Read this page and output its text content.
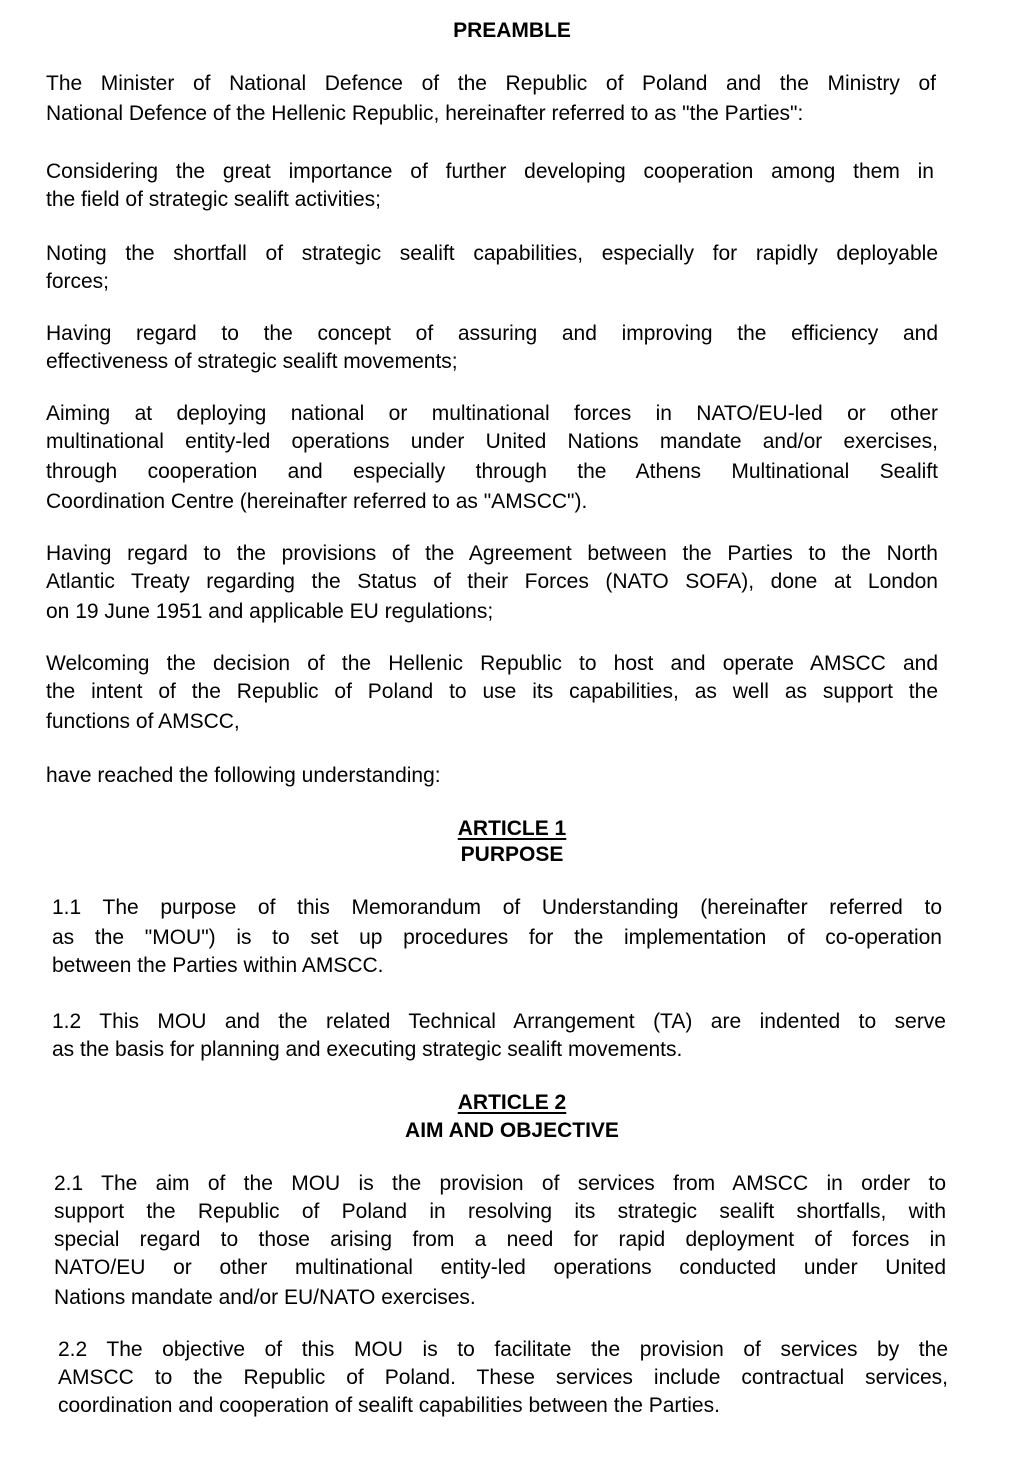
PREAMBLE
The Minister of National Defence of the Republic of Poland and the Ministry of
National Defence of the Hellenic Republic, hereinafter referred to as "the Parties":
Considering the great importance of further developing cooperation among them in
the field of strategic sealift activities;
Noting the shortfall of strategic sealift capabilities, especially for rapidly deployable
forces;
Having regard to the concept of assuring and improving the efficiency and
effectiveness of strategic sealift movements;
Aiming at deploying national or multinational forces in NATO/EU-led or other
multinational entity-led operations under United Nations mandate and/or exercises,
through cooperation and especially through the Athens Multinational Sealift
Coordination Centre (hereinafter referred to as "AMSCC").
Having regard to the provisions of the Agreement between the Parties to the North
Atlantic Treaty regarding the Status of their Forces (NATO SOFA), done at London
on 19 June 1951 and applicable EU regulations;
Welcoming the decision of the Hellenic Republic to host and operate AMSCC and
the intent of the Republic of Poland to use its capabilities, as well as support the
functions of AMSCC,
have reached the following understanding:
ARTICLE 1
PURPOSE
1.1 The purpose of this Memorandum of Understanding (hereinafter referred to
as the "MOU") is to set up procedures for the implementation of co-operation
between the Parties within AMSCC.
1.2 This MOU and the related Technical Arrangement (TA) are indented to serve
as the basis for planning and executing strategic sealift movements.
ARTICLE 2
AIM AND OBJECTIVE
2.1 The aim of the MOU is the provision of services from AMSCC in order to
support the Republic of Poland in resolving its strategic sealift shortfalls, with
special regard to those arising from a need for rapid deployment of forces in
NATO/EU or other multinational entity-led operations conducted under United
Nations mandate and/or EU/NATO exercises.
2.2 The objective of this MOU is to facilitate the provision of services by the
AMSCC to the Republic of Poland. These services include contractual services,
coordination and cooperation of sealift capabilities between the Parties.
